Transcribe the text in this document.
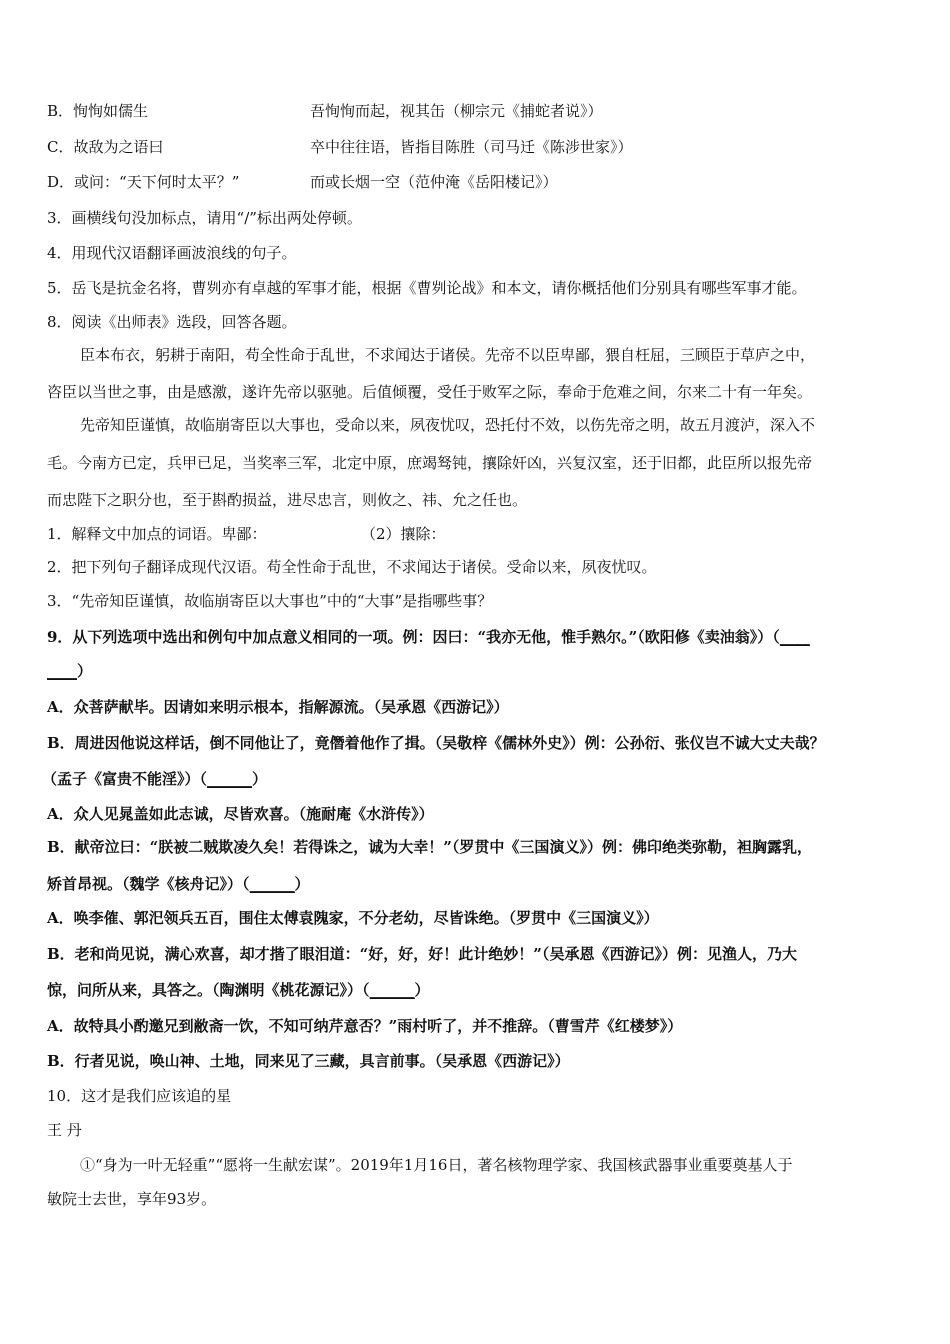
B．恂恂如儒生	吾恂恂而起，视其缶（柳宗元《捕蛇者说》）
C．故敌为之语曰	卒中往往语，皆指目陈胜（司马迁《陈涉世家》）
D．或问：“天下何时太平？”	而或长烟一空（范仲淹《岳阳楼记》）
3．画横线句没加标点，请用“/”标出两处停顿。
4．用现代汉语翻译画波浪线的句子。
5．岳飞是抗金名将，曹刿亦有卓越的军事才能，根据《曹刿论战》和本文，请你概括他们分别具有哪些军事才能。
8．阅读《出师表》选段，回答各题。
臣本布衣，躬耕于南阳，苟全性命于乱世，不求闻达于诸侯。先帝不以臣卑鄙，猥自枉屈，三顾臣于草庐之中，
咨臣以当世之事，由是感激，遂许先帝以驱驰。后值倾覆，受任于败军之际，奉命于危难之间，尔来二十有一年矣。
先帝知臣谨慎，故临崩寄臣以大事也，受命以来，夙夜忧叹，恐托付不效，以伤先帝之明，故五月渡泸，深入不
毛。今南方已定，兵甲已足，当奖率三军，北定中原，庶竭驽钝，攘除奸凶，兴复汉室，还于旧都，此臣所以报先帝
而忠陛下之职分也，至于斟酌损益，进尽忠言，则攸之、祎、允之任也。
1．解释文中加点的词语。卑鄙：	（2）攘除：
2．把下列句子翻译成现代汉语。苟全性命于乱世，不求闻达于诸侯。受命以来，夙夜忧叹。
3．“先帝知臣谨慎，故临崩寄臣以大事也”中的“大事”是指哪些事？
9．从下列选项中选出和例句中加点意义相同的一项。例：因曰：“我亦无他，惟手熟尔。”（欧阳修《卖油翁》）（____
____）
A．众菩萨献毕。因请如来明示根本，指解源流。（吴承恩《西游记》）
B．周进因他说这样话，倒不同他让了，竟僭着他作了揖。（吴敬梓《儒林外史》）例：公孙衍、张仪岂不诚大丈夫哉？
（孟子《富贵不能淫》）（______）
A．众人见晁盖如此志诚，尽皆欢喜。（施耐庵《水浒传》）
B．献帝泣曰：“朕被二贼欺凌久矣！若得诛之，诚为大幸！”（罗贯中《三国演义》）例：佛印绝类弥勒，袒胸露乳，
矫首昂视。（魏学《核舟记》）（______）
A．唤李傕、郭汜领兵五百，围住太傅袁隗家，不分老幼，尽皆诛绝。（罗贯中《三国演义》）
B．老和尚见说，满心欢喜，却才揩了眼泪道：“好，好，好！此计绝妙！”（吴承恩《西游记》）例：见渔人，乃大
惊，问所从来，具答之。（陶渊明《桃花源记》）（______）
A．故特具小酌邀兄到敝斋一饮，不知可纳芹意否？”雨村听了，并不推辞。（曹雪芹《红楼梦》）
B．行者见说，唤山神、土地，同来见了三藏，具言前事。（吴承恩《西游记》）
10．这才是我们应该追的星
王 丹
①“身为一叶无轻重”“愿将一生献宏谋”。2019年1月16日，著名核物理学家、我国核武器事业重要奠基人于
敏院士去世，享年93岁。
